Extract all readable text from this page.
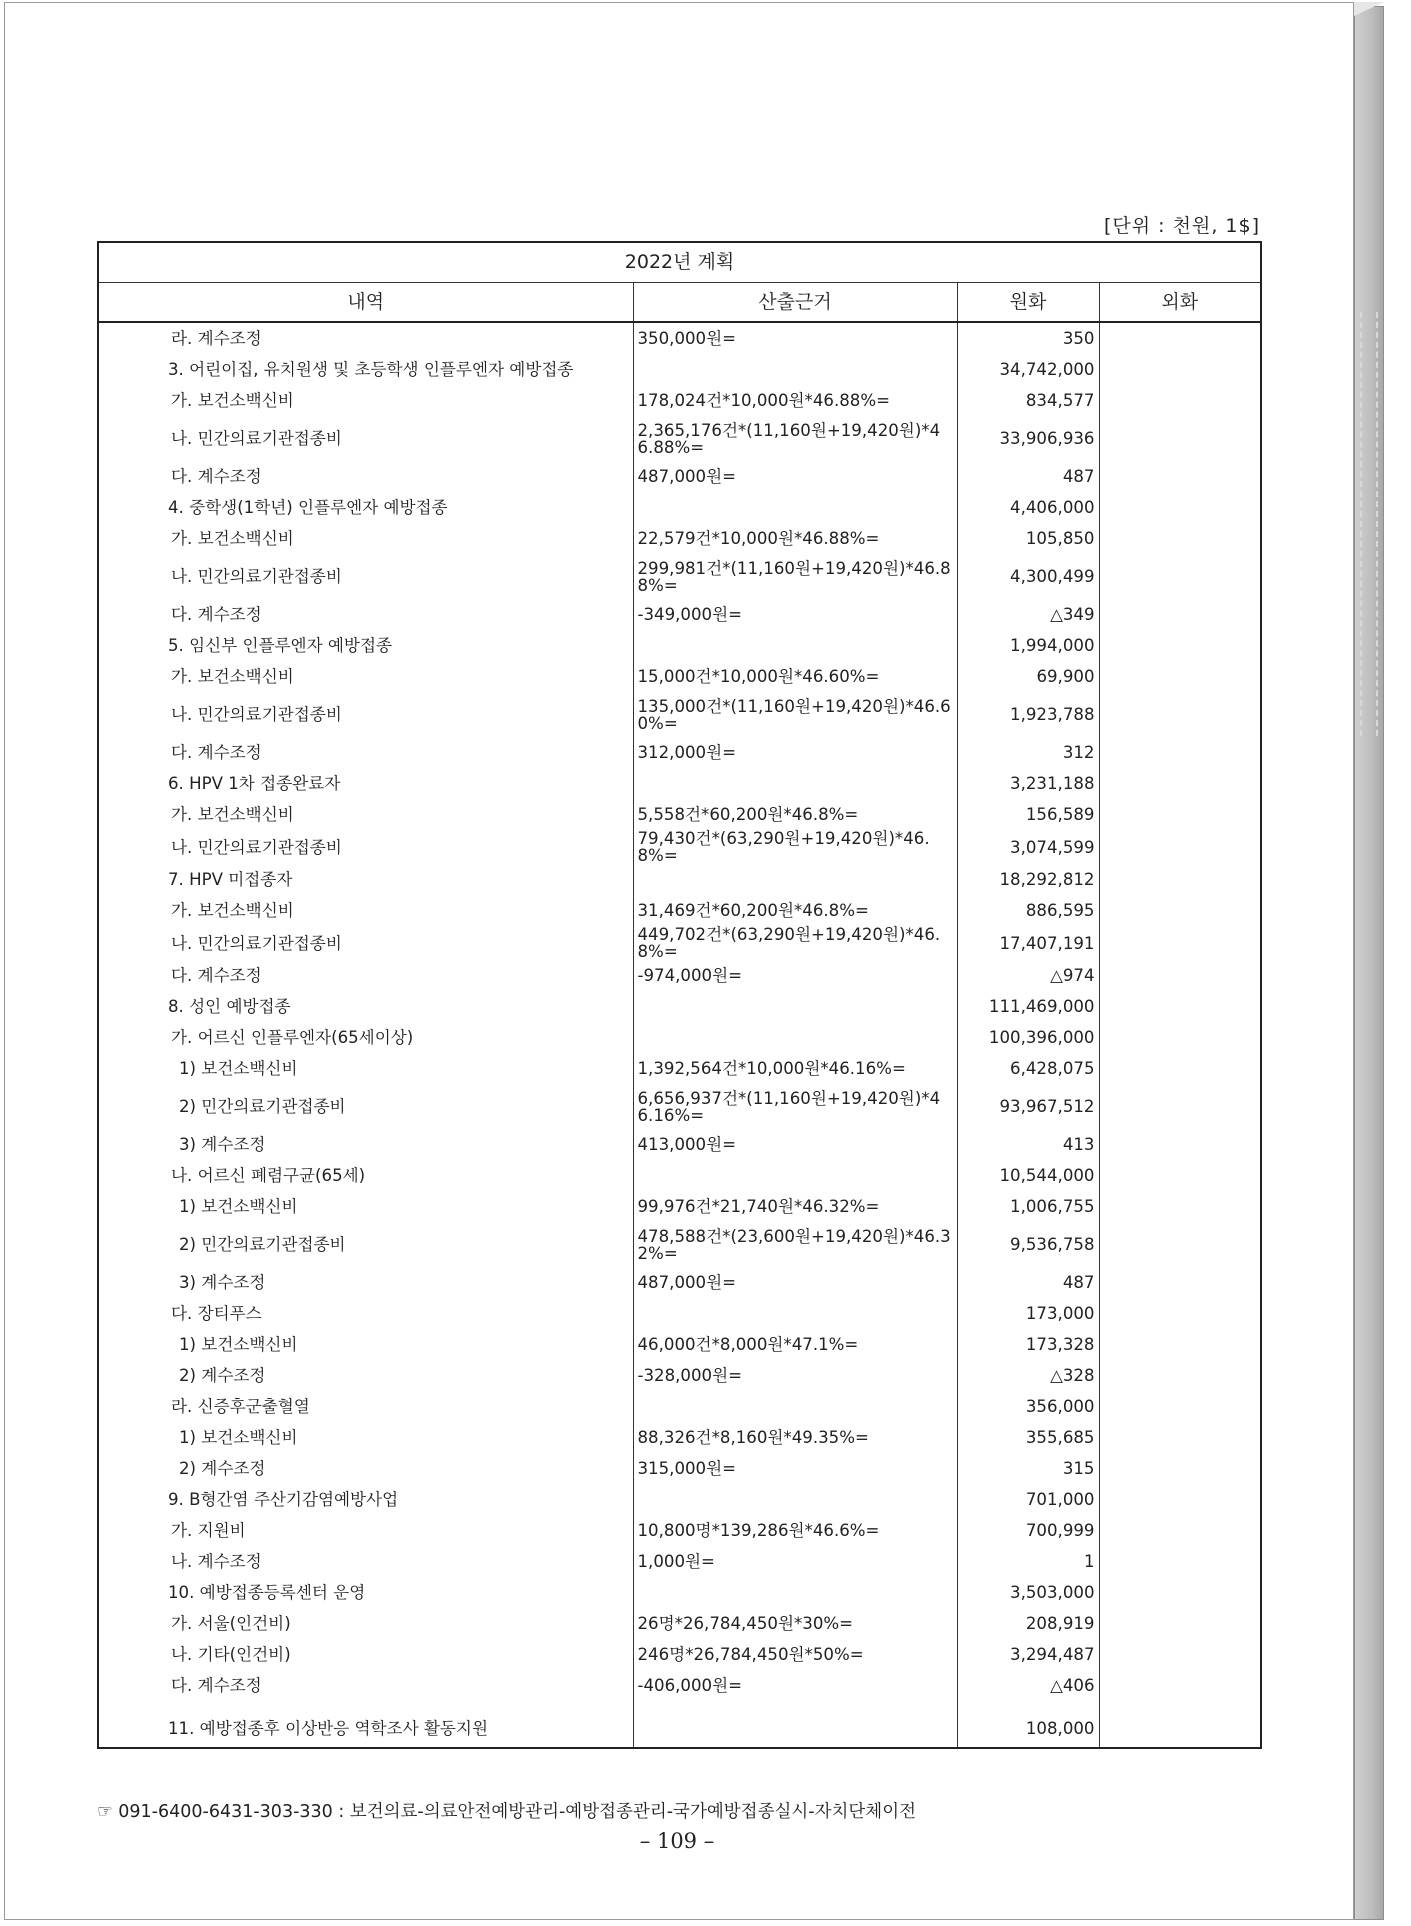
[단위 : 천원, 1$]
2022년 계획			
내역	산출근거	원화	외화
라. 계수조정	350,000원=	350	
3. 어린이집, 유치원생 및 초등학생 인플루엔자 예방접종		34,742,000	
가. 보건소백신비	178,024건*10,000원*46.88%=	834,577	
나. 민간의료기관접종비	2,365,176건*(11,160원+19,420원)*46.88%=	33,906,936	
다. 계수조정	487,000원=	487	
4. 중학생(1학년) 인플루엔자 예방접종		4,406,000	
가. 보건소백신비	22,579건*10,000원*46.88%=	105,850	
나. 민간의료기관접종비	299,981건*(11,160원+19,420원)*46.88%=	4,300,499	
다. 계수조정	-349,000원=	△349	
5. 임신부 인플루엔자 예방접종		1,994,000	
가. 보건소백신비	15,000건*10,000원*46.60%=	69,900	
나. 민간의료기관접종비	135,000건*(11,160원+19,420원)*46.60%=	1,923,788	
다. 계수조정	312,000원=	312	
6. HPV 1차 접종완료자		3,231,188	
가. 보건소백신비	5,558건*60,200원*46.8%=	156,589	
나. 민간의료기관접종비	79,430건*(63,290원+19,420원)*46.8%=	3,074,599	
7. HPV 미접종자		18,292,812	
가. 보건소백신비	31,469건*60,200원*46.8%=	886,595	
나. 민간의료기관접종비	449,702건*(63,290원+19,420원)*46.8%=	17,407,191	
다. 계수조정	-974,000원=	△974	
8. 성인 예방접종		111,469,000	
가. 어르신 인플루엔자(65세이상)		100,396,000	
1) 보건소백신비	1,392,564건*10,000원*46.16%=	6,428,075	
2) 민간의료기관접종비	6,656,937건*(11,160원+19,420원)*46.16%=	93,967,512	
3) 계수조정	413,000원=	413	
나. 어르신 폐렴구균(65세)		10,544,000	
1) 보건소백신비	99,976건*21,740원*46.32%=	1,006,755	
2) 민간의료기관접종비	478,588건*(23,600원+19,420원)*46.32%=	9,536,758	
3) 계수조정	487,000원=	487	
다. 장티푸스		173,000	
1) 보건소백신비	46,000건*8,000원*47.1%=	173,328	
2) 계수조정	-328,000원=	△328	
라. 신증후군출혈열		356,000	
1) 보건소백신비	88,326건*8,160원*49.35%=	355,685	
2) 계수조정	315,000원=	315	
9. B형간염 주산기감염예방사업		701,000	
가. 지원비	10,800명*139,286원*46.6%=	700,999	
나. 계수조정	1,000원=	1	
10. 예방접종등록센터 운영		3,503,000	
가. 서울(인건비)	26명*26,784,450원*30%=	208,919	
나. 기타(인건비)	246명*26,784,450원*50%=	3,294,487	
다. 계수조정	-406,000원=	△406	
11. 예방접종후 이상반응 역학조사 활동지원		108,000	
☞ 091-6400-6431-303-330 : 보건의료-의료안전예방관리-예방접종관리-국가예방접종실시-자치단체이전
– 109 –
